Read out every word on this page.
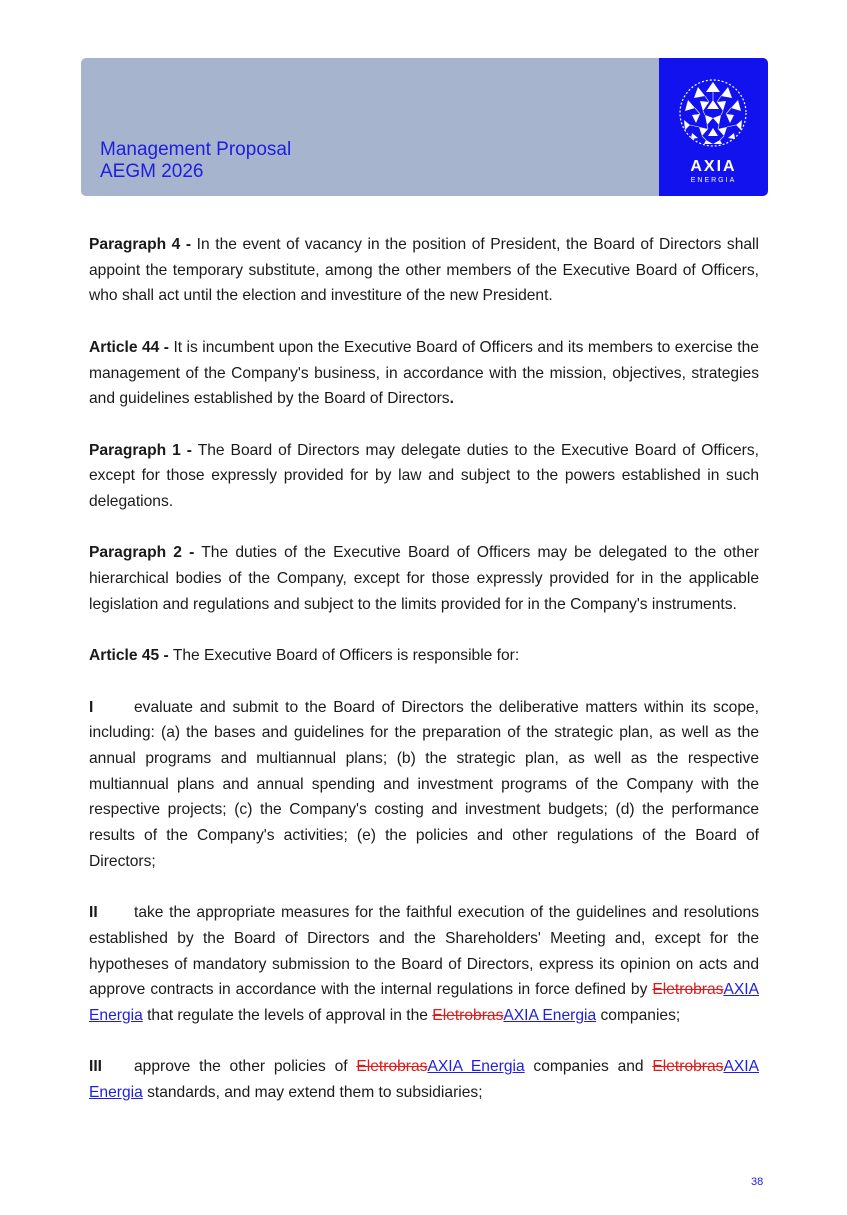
Management Proposal
AEGM 2026	AXIA
ENERGIA

Paragraph 4 - In the event of vacancy in the position of President, the Board of Directors shall appoint the temporary substitute, among the other members of the Executive Board of Officers, who shall act until the election and investiture of the new President.

Article 44 - It is incumbent upon the Executive Board of Officers and its members to exercise the management of the Company's business, in accordance with the mission, objectives, strategies and guidelines established by the Board of Directors.

Paragraph 1 - The Board of Directors may delegate duties to the Executive Board of Officers, except for those expressly provided for by law and subject to the powers established in such delegations.

Paragraph 2 - The duties of the Executive Board of Officers may be delegated to the other hierarchical bodies of the Company, except for those expressly provided for in the applicable legislation and regulations and subject to the limits provided for in the Company's instruments.

Article 45 - The Executive Board of Officers is responsible for:

I	evaluate and submit to the Board of Directors the deliberative matters within its scope, including: (a) the bases and guidelines for the preparation of the strategic plan, as well as the annual programs and multiannual plans; (b) the strategic plan, as well as the respective multiannual plans and annual spending and investment programs of the Company with the respective projects; (c) the Company's costing and investment budgets; (d) the performance results of the Company's activities; (e) the policies and other regulations of the Board of Directors;

II take the appropriate measures for the faithful execution of the guidelines and resolutions established by the Board of Directors and the Shareholders' Meeting and, except for the hypotheses of mandatory submission to the Board of Directors, express its opinion on acts and approve contracts in accordance with the internal regulations in force defined by EletrobrasAXIA Energia that regulate the levels of approval in the EletrobrasAXIA Energia companies;

III approve the other policies of EletrobrasAXIA Energia companies and EletrobrasAXIA Energia standards, and may extend them to subsidiaries;

38
